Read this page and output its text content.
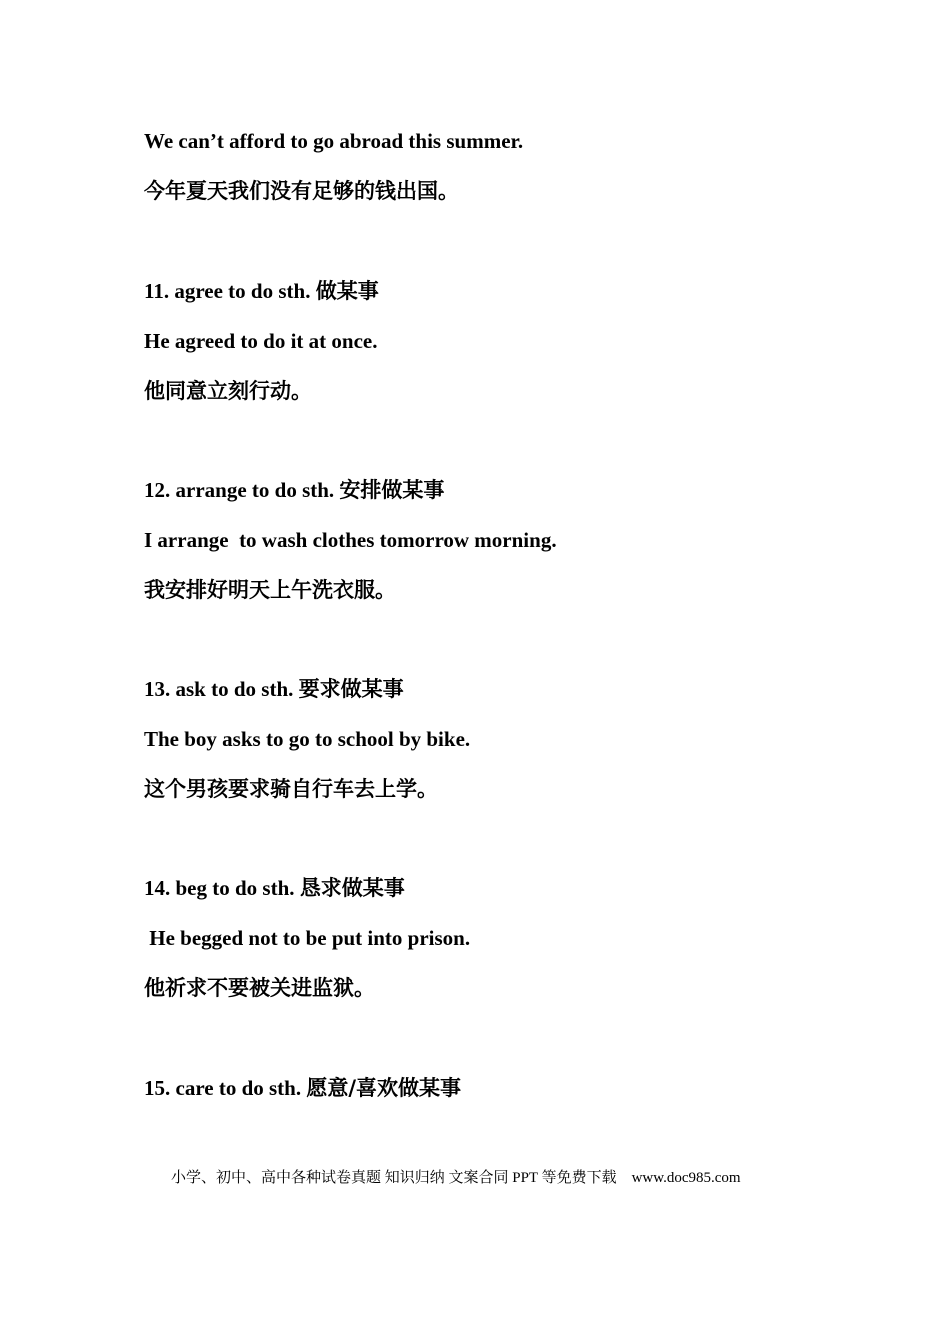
We can’t afford to go abroad this summer.

今年夏天我们没有足够的钱出国。

11. agree to do sth. 做某事

He agreed to do it at once.

他同意立刻行动。

12. arrange to do sth. 安排做某事

I arrange  to wash clothes tomorrow morning.

我安排好明天上午洗衣服。

13. ask to do sth. 要求做某事

The boy asks to go to school by bike.

这个男孩要求骑自行车去上学。

14. beg to do sth. 恳求做某事

He begged not to be put into prison.

他祈求不要被关进监狱。

15. care to do sth. 愿意/喜欢做某事

小学、初中、高中各种试卷真题 知识归纳 文案合同 PPT 等免费下载    www.doc985.com
